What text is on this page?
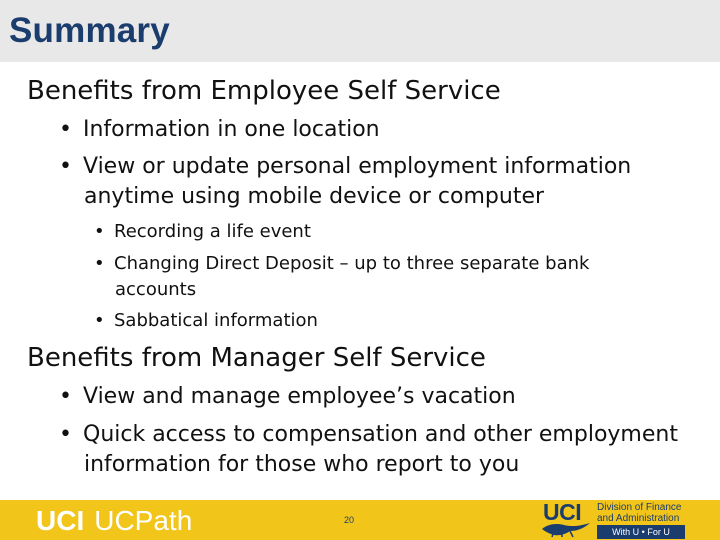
Summary
Benefits from Employee Self Service
• Information in one location
• View or update personal employment information
anytime using mobile device or computer
• Recording a life event
• Changing Direct Deposit – up to three separate bank
accounts
• Sabbatical information
Benefits from Manager Self Service
• View and manage employee’s vacation
• Quick access to compensation and other employment
information for those who report to you
UCI UCPath	20	UCI Division of Finance
and Administration
With U • For U
